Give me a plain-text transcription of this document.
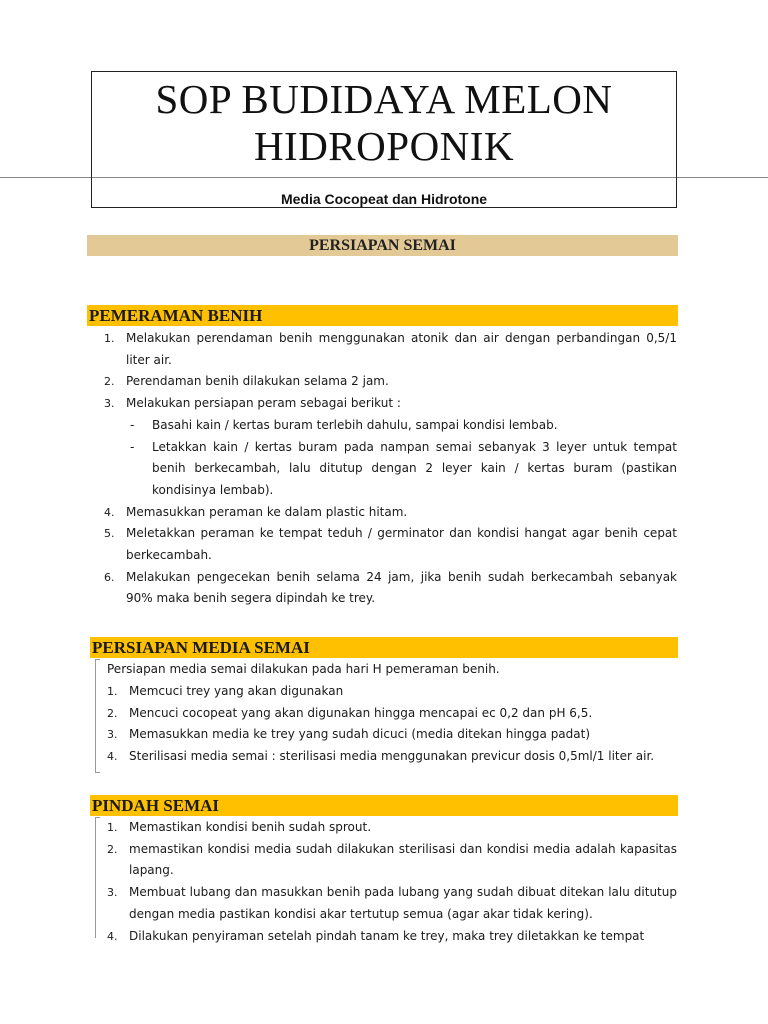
SOP BUDIDAYA MELON
HIDROPONIK
Media Cocopeat dan Hidrotone
PERSIAPAN SEMAI
PEMERAMAN BENIH
1. Melakukan perendaman benih menggunakan atonik dan air dengan perbandingan 0,5/1 liter air.
2. Perendaman benih dilakukan selama 2 jam.
3. Melakukan persiapan peram sebagai berikut :
- Basahi kain / kertas buram terlebih dahulu, sampai kondisi lembab.
- Letakkan kain / kertas buram pada nampan semai sebanyak 3 leyer untuk tempat benih berkecambah, lalu ditutup dengan 2 leyer kain / kertas buram (pastikan kondisinya lembab).
4. Memasukkan peraman ke dalam plastic hitam.
5. Meletakkan peraman ke tempat teduh / germinator dan kondisi hangat agar benih cepat berkecambah.
6. Melakukan pengecekan benih selama 24 jam, jika benih sudah berkecambah sebanyak 90% maka benih segera dipindah ke trey.
PERSIAPAN MEDIA SEMAI
Persiapan media semai dilakukan pada hari H pemeraman benih.
1. Memcuci trey yang akan digunakan
2. Mencuci cocopeat yang akan digunakan hingga mencapai ec 0,2 dan pH 6,5.
3. Memasukkan media ke trey yang sudah dicuci (media ditekan hingga padat)
4. Sterilisasi media semai : sterilisasi media menggunakan previcur dosis 0,5ml/1 liter air.
PINDAH SEMAI
1. Memastikan kondisi benih sudah sprout.
2. memastikan kondisi media sudah dilakukan sterilisasi dan kondisi media adalah kapasitas lapang.
3. Membuat lubang dan masukkan benih pada lubang yang sudah dibuat ditekan lalu ditutup dengan media pastikan kondisi akar tertutup semua (agar akar tidak kering).
4. Dilakukan penyiraman setelah pindah tanam ke trey, maka trey diletakkan ke tempat
